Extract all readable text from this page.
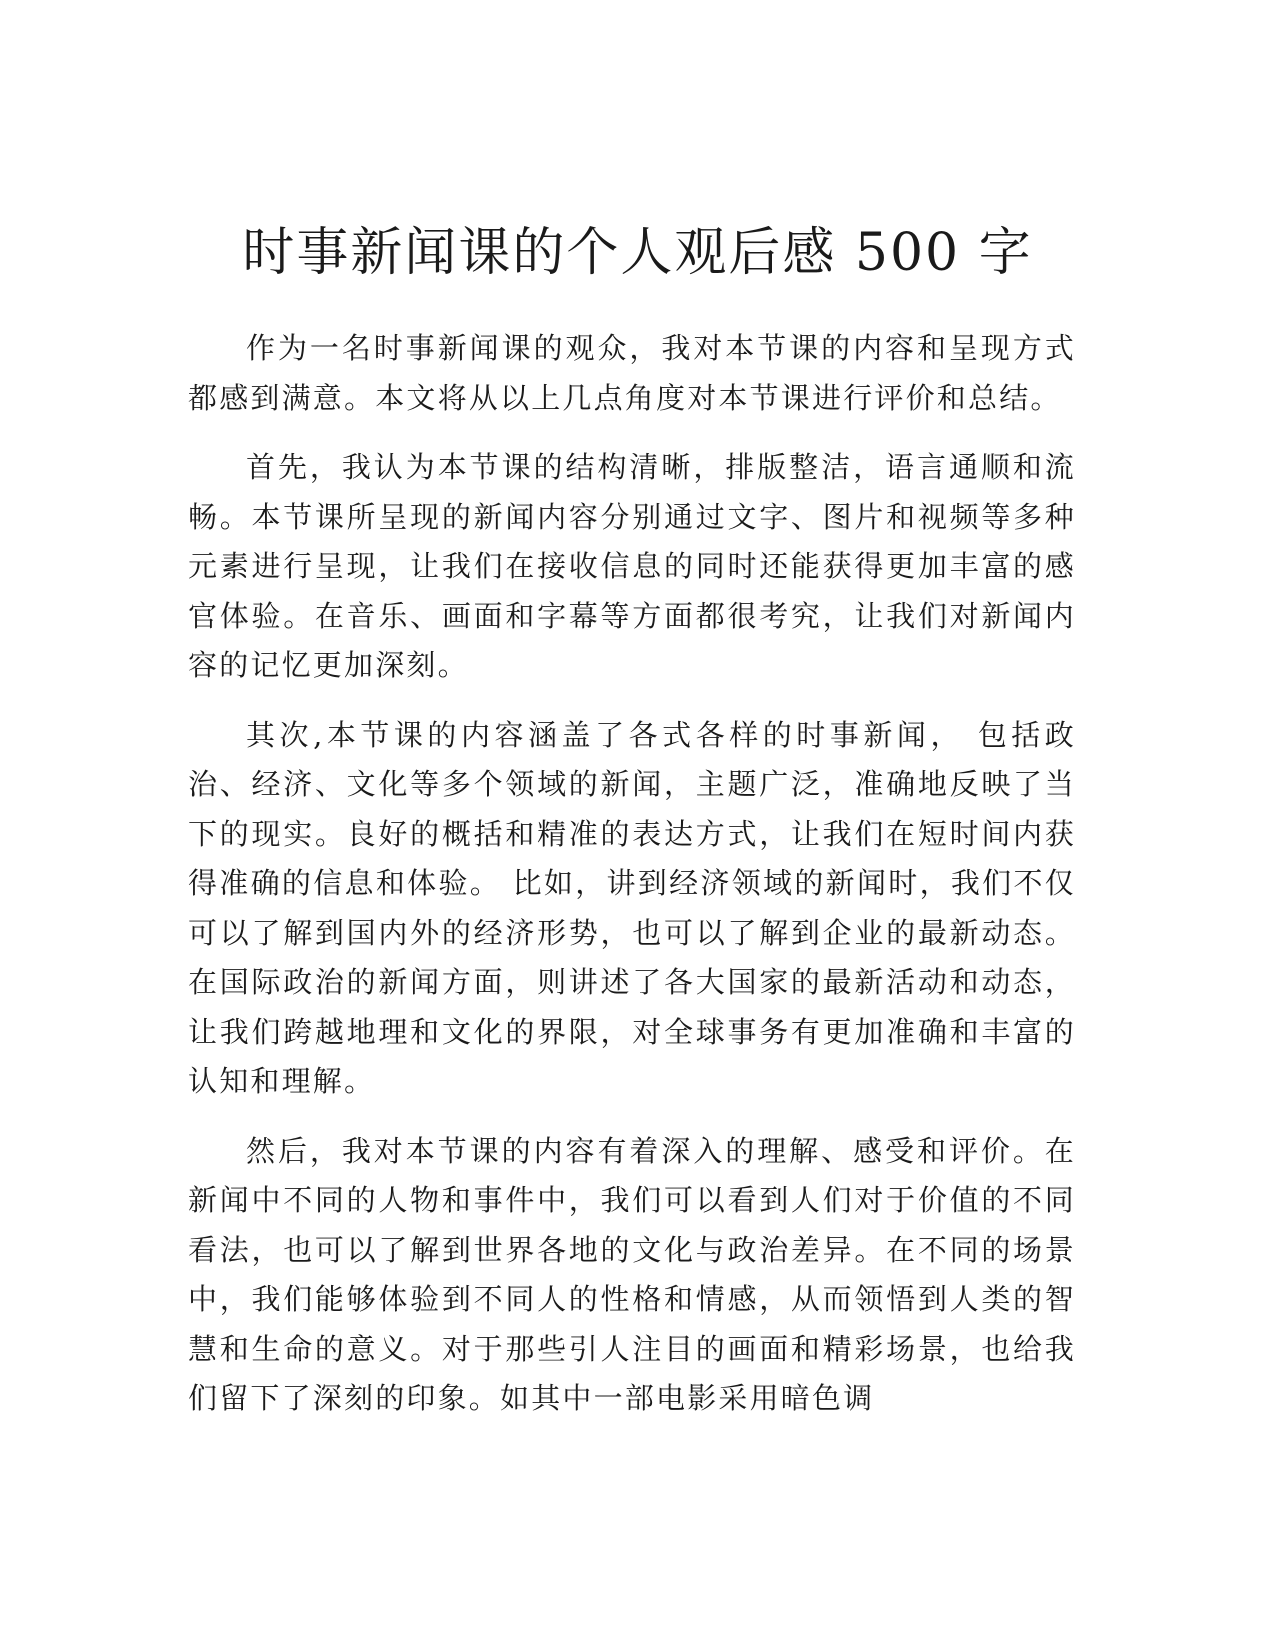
时事新闻课的个人观后感 500 字

作为一名时事新闻课的观众，我对本节课的内容和呈现方式都感到满意。本文将从以上几点角度对本节课进行评价和总结。

首先，我认为本节课的结构清晰，排版整洁，语言通顺和流畅。本节课所呈现的新闻内容分别通过文字、图片和视频等多种元素进行呈现，让我们在接收信息的同时还能获得更加丰富的感官体验。在音乐、画面和字幕等方面都很考究，让我们对新闻内容的记忆更加深刻。

其次,本节课的内容涵盖了各式各样的时事新闻， 包括政治、经济、文化等多个领域的新闻，主题广泛，准确地反映了当下的现实。良好的概括和精准的表达方式，让我们在短时间内获得准确的信息和体验。 比如，讲到经济领域的新闻时，我们不仅可以了解到国内外的经济形势，也可以了解到企业的最新动态。在国际政治的新闻方面，则讲述了各大国家的最新活动和动态，让我们跨越地理和文化的界限，对全球事务有更加准确和丰富的认知和理解。

然后，我对本节课的内容有着深入的理解、感受和评价。在新闻中不同的人物和事件中，我们可以看到人们对于价值的不同看法，也可以了解到世界各地的文化与政治差异。在不同的场景中，我们能够体验到不同人的性格和情感，从而领悟到人类的智慧和生命的意义。对于那些引人注目的画面和精彩场景，也给我们留下了深刻的印象。如其中一部电影采用暗色调
